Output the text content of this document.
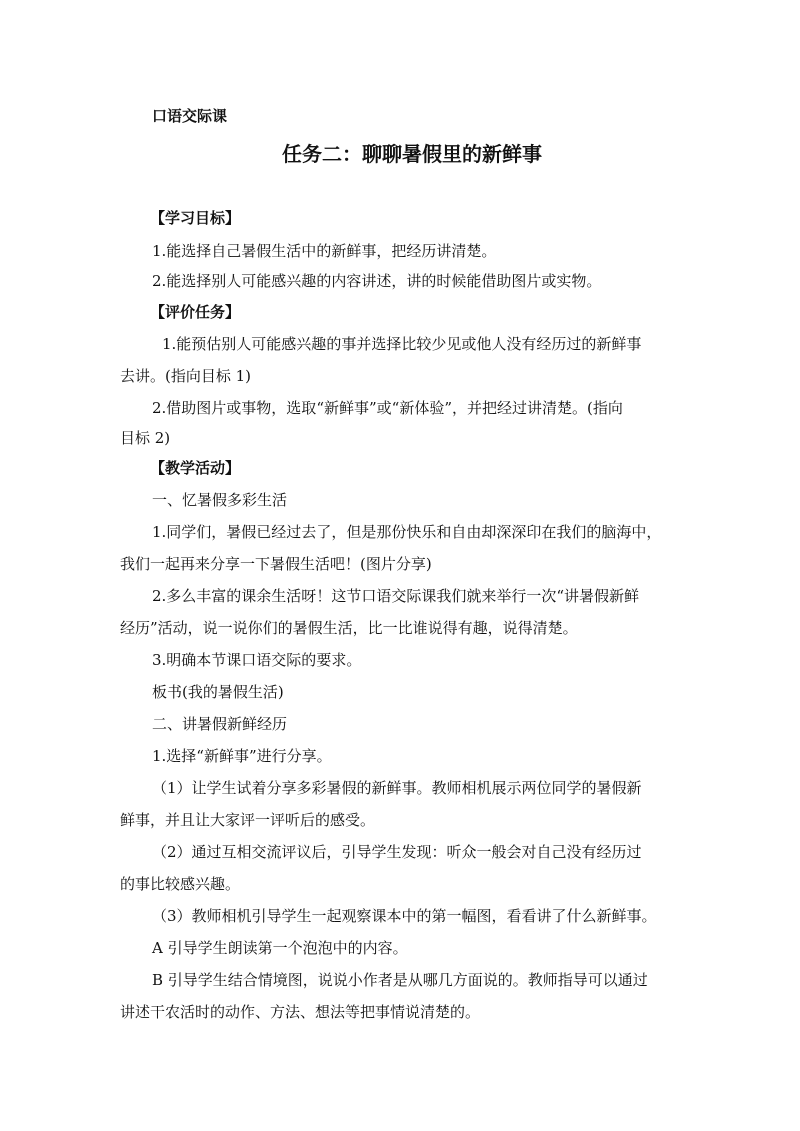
口语交际课
任务二：聊聊暑假里的新鲜事
【学习目标】
1.能选择自己暑假生活中的新鲜事，把经历讲清楚。
2.能选择别人可能感兴趣的内容讲述，讲的时候能借助图片或实物。
【评价任务】
1.能预估别人可能感兴趣的事并选择比较少见或他人没有经历过的新鲜事
去讲。(指向目标 1)
2.借助图片或事物，选取“新鲜事”或“新体验”，并把经过讲清楚。(指向
目标 2)
【教学活动】
一、忆暑假多彩生活
1.同学们，暑假已经过去了，但是那份快乐和自由却深深印在我们的脑海中，
我们一起再来分享一下暑假生活吧！(图片分享)
2.多么丰富的课余生活呀！这节口语交际课我们就来举行一次“讲暑假新鲜
经历”活动，说一说你们的暑假生活，比一比谁说得有趣，说得清楚。
3.明确本节课口语交际的要求。
板书(我的暑假生活)
二、讲暑假新鲜经历
1.选择“新鲜事”进行分享。
（1）让学生试着分享多彩暑假的新鲜事。教师相机展示两位同学的暑假新
鲜事，并且让大家评一评听后的感受。
（2）通过互相交流评议后，引导学生发现：听众一般会对自己没有经历过
的事比较感兴趣。
（3）教师相机引导学生一起观察课本中的第一幅图，看看讲了什么新鲜事。
A 引导学生朗读第一个泡泡中的内容。
B 引导学生结合情境图，说说小作者是从哪几方面说的。教师指导可以通过
讲述干农活时的动作、方法、想法等把事情说清楚的。
